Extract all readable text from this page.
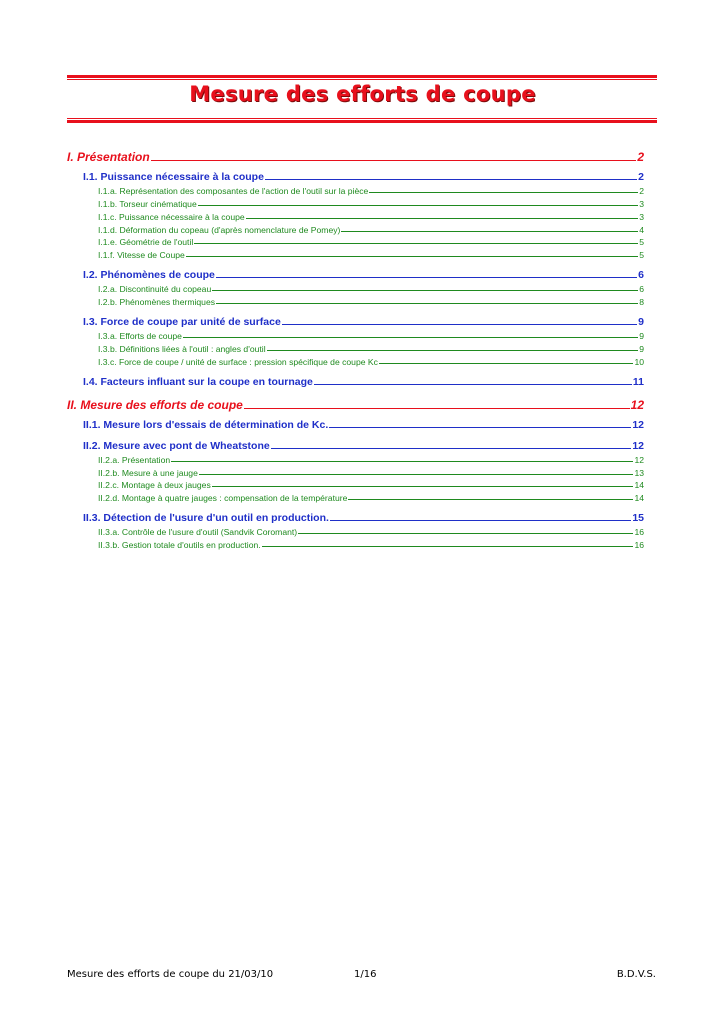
Mesure des efforts de coupe
I. Présentation	2
I.1. Puissance nécessaire à la coupe	2
I.1.a. Représentation des composantes de l'action de l'outil sur la pièce	2
I.1.b. Torseur cinématique	3
I.1.c. Puissance nécessaire à la coupe	3
I.1.d. Déformation du copeau (d'après nomenclature de Pomey)	4
I.1.e. Géométrie de l'outil	5
I.1.f. Vitesse de Coupe	5
I.2. Phénomènes de coupe	6
I.2.a. Discontinuité du copeau	6
I.2.b. Phénomènes thermiques	8
I.3. Force de coupe par unité de surface	9
I.3.a. Efforts de coupe	9
I.3.b. Définitions liées à l'outil : angles d'outil	9
I.3.c. Force de coupe / unité de surface : pression spécifique de coupe Kc	10
I.4. Facteurs influant sur la coupe en tournage	11
II. Mesure des efforts de coupe	12
II.1. Mesure lors d'essais de détermination de Kc.	12
II.2. Mesure avec pont de Wheatstone	12
II.2.a. Présentation	12
II.2.b. Mesure à une jauge	13
II.2.c. Montage à deux jauges	14
II.2.d. Montage à quatre jauges : compensation de la température	14
II.3. Détection de l'usure d'un outil en production.	15
II.3.a. Contrôle de l'usure d'outil (Sandvik Coromant)	16
II.3.b. Gestion totale d'outils en production.	16
Mesure des efforts de coupe du 21/03/10	1/16	B.D.V.S.
